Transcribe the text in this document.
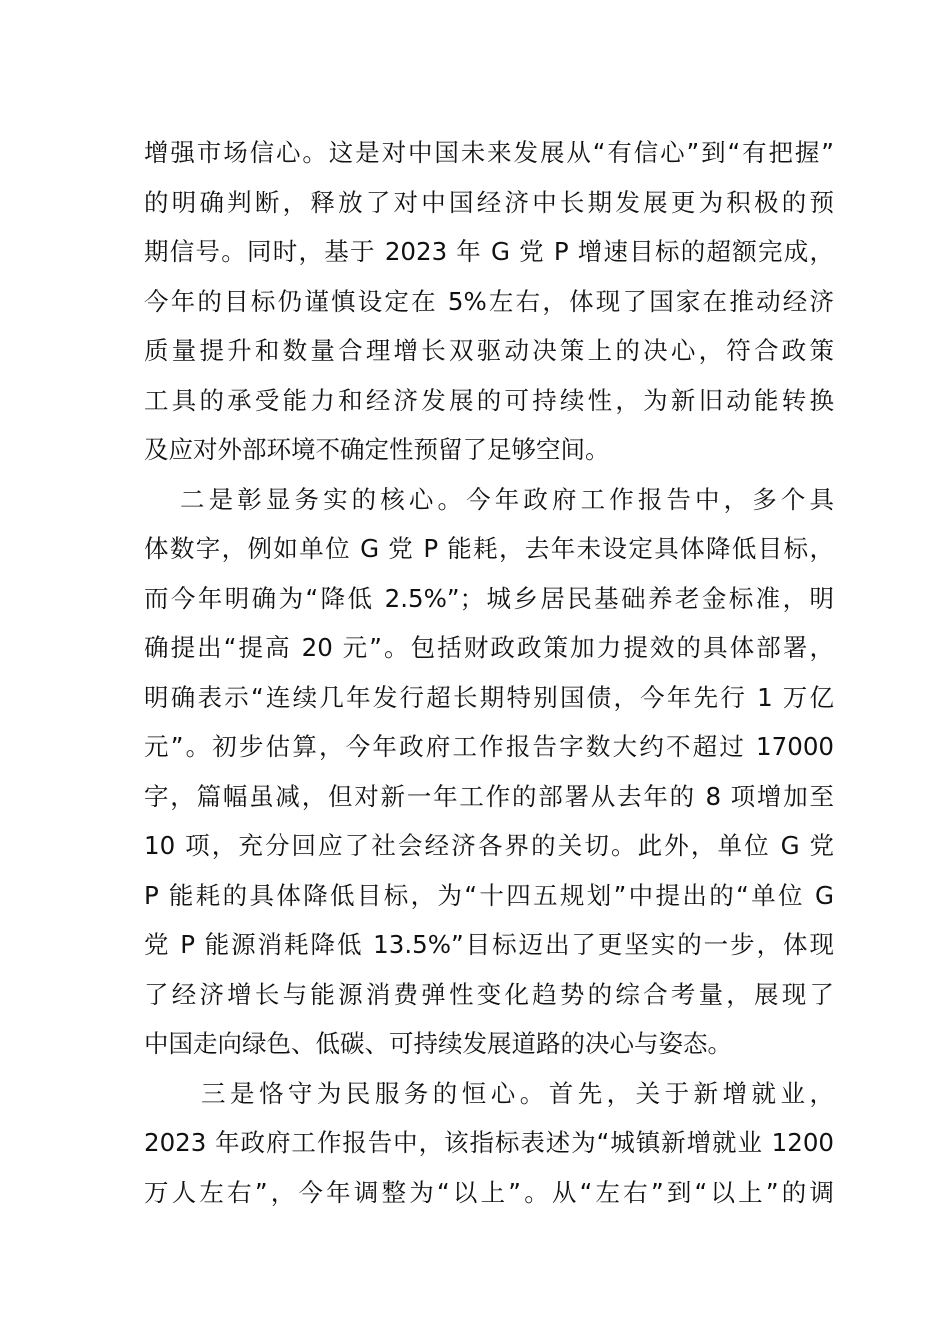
增强市场信心。这是对中国未来发展从“有信心”到“有把握”
的明确判断，释放了对中国经济中长期发展更为积极的预
期信号。同时，基于 2023 年 G 党 P 增速目标的超额完成，
今年的目标仍谨慎设定在 5%左右，体现了国家在推动经济
质量提升和数量合理增长双驱动决策上的决心，符合政策
工具的承受能力和经济发展的可持续性，为新旧动能转换
及应对外部环境不确定性预留了足够空间。
二是彰显务实的核心。今年政府工作报告中，多个具
体数字，例如单位 G 党 P 能耗，去年未设定具体降低目标，
而今年明确为“降低 2.5%”；城乡居民基础养老金标准，明
确提出“提高 20 元”。包括财政政策加力提效的具体部署，
明确表示“连续几年发行超长期特别国债，今年先行 1 万亿
元”。初步估算，今年政府工作报告字数大约不超过 17000
字，篇幅虽减，但对新一年工作的部署从去年的 8 项增加至
10 项，充分回应了社会经济各界的关切。此外，单位 G 党
P 能耗的具体降低目标，为“十四五规划”中提出的“单位 G
党 P 能源消耗降低 13.5%”目标迈出了更坚实的一步，体现
了经济增长与能源消费弹性变化趋势的综合考量，展现了
中国走向绿色、低碳、可持续发展道路的决心与姿态。
三是恪守为民服务的恒心。首先，关于新增就业，
2023 年政府工作报告中，该指标表述为“城镇新增就业 1200
万人左右”，今年调整为“以上”。从“左右”到“以上”的调
